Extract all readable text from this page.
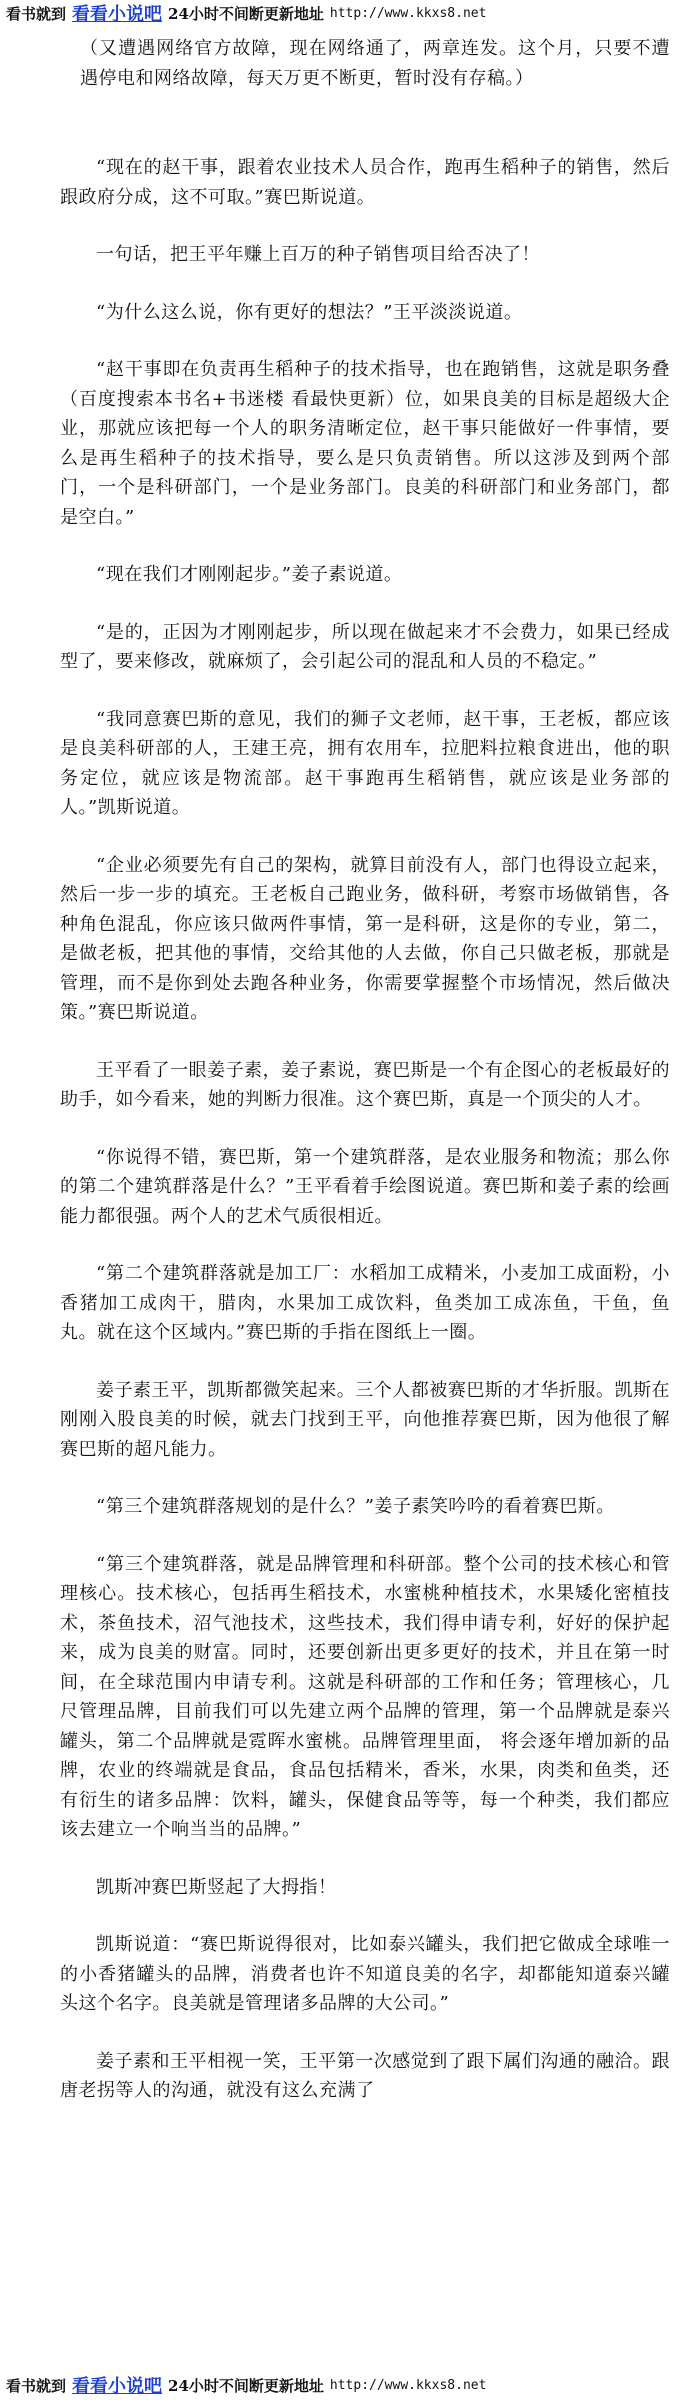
看书就到 看看小说吧 24小时不间断更新地址 http://www.kkxs8.net

（又遭遇网络官方故障，现在网络通了，两章连发。这个月，只要不遭遇停电和网络故障，每天万更不断更，暂时没有存稿。）

“现在的赵干事，跟着农业技术人员合作，跑再生稻种子的销售，然后跟政府分成，这不可取。”赛巴斯说道。

一句话，把王平年赚上百万的种子销售项目给否决了！

“为什么这么说，你有更好的想法？”王平淡淡说道。

“赵干事即在负责再生稻种子的技术指导，也在跑销售，这就是职务叠（百度搜索本书名+书迷楼 看最快更新）位，如果良美的目标是超级大企业，那就应该把每一个人的职务清晰定位，赵干事只能做好一件事情，要么是再生稻种子的技术指导，要么是只负责销售。所以这涉及到两个部门，一个是科研部门，一个是业务部门。良美的科研部门和业务部门，都是空白。”

“现在我们才刚刚起步。”姜子素说道。

“是的，正因为才刚刚起步，所以现在做起来才不会费力，如果已经成型了，要来修改，就麻烦了，会引起公司的混乱和人员的不稳定。”

“我同意赛巴斯的意见，我们的狮子文老师，赵干事，王老板，都应该是良美科研部的人，王建王亮，拥有农用车，拉肥料拉粮食进出，他的职务定位，就应该是物流部。赵干事跑再生稻销售，就应该是业务部的人。”凯斯说道。

“企业必须要先有自己的架构，就算目前没有人，部门也得设立起来，然后一步一步的填充。王老板自己跑业务，做科研，考察市场做销售，各种角色混乱，你应该只做两件事情，第一是科研，这是你的专业，第二，是做老板，把其他的事情，交给其他的人去做，你自己只做老板，那就是管理，而不是你到处去跑各种业务，你需要掌握整个市场情况，然后做决策。”赛巴斯说道。

王平看了一眼姜子素，姜子素说，赛巴斯是一个有企图心的老板最好的助手，如今看来，她的判断力很准。这个赛巴斯，真是一个顶尖的人才。

“你说得不错，赛巴斯，第一个建筑群落，是农业服务和物流；那么你的第二个建筑群落是什么？”王平看着手绘图说道。赛巴斯和姜子素的绘画能力都很强。两个人的艺术气质很相近。

“第二个建筑群落就是加工厂：水稻加工成精米，小麦加工成面粉，小香猪加工成肉干，腊肉，水果加工成饮料，鱼类加工成冻鱼，干鱼，鱼丸。就在这个区域内。”赛巴斯的手指在图纸上一圈。

姜子素王平，凯斯都微笑起来。三个人都被赛巴斯的才华折服。凯斯在刚刚入股良美的时候，就去门找到王平，向他推荐赛巴斯，因为他很了解赛巴斯的超凡能力。

“第三个建筑群落规划的是什么？”姜子素笑吟吟的看着赛巴斯。

“第三个建筑群落，就是品牌管理和科研部。整个公司的技术核心和管理核心。技术核心，包括再生稻技术，水蜜桃种植技术，水果矮化密植技术，茶鱼技术，沼气池技术，这些技术，我们得申请专利，好好的保护起来，成为良美的财富。同时，还要创新出更多更好的技术，并且在第一时间，在全球范围内申请专利。这就是科研部的工作和任务；管理核心，几尺管理品牌，目前我们可以先建立两个品牌的管理，第一个品牌就是泰兴罐头，第二个品牌就是霓晖水蜜桃。品牌管理里面， 将会逐年增加新的品牌，农业的终端就是食品，食品包括精米，香米，水果，肉类和鱼类，还有衍生的诸多品牌：饮料，罐头，保健食品等等，每一个种类，我们都应该去建立一个响当当的品牌。”

凯斯冲赛巴斯竖起了大拇指！

凯斯说道：“赛巴斯说得很对，比如泰兴罐头，我们把它做成全球唯一的小香猪罐头的品牌，消费者也许不知道良美的名字，却都能知道泰兴罐头这个名字。良美就是管理诸多品牌的大公司。”

姜子素和王平相视一笑，王平第一次感觉到了跟下属们沟通的融洽。跟唐老拐等人的沟通，就没有这么充满了

看书就到 看看小说吧 24小时不间断更新地址 http://www.kkxs8.net
